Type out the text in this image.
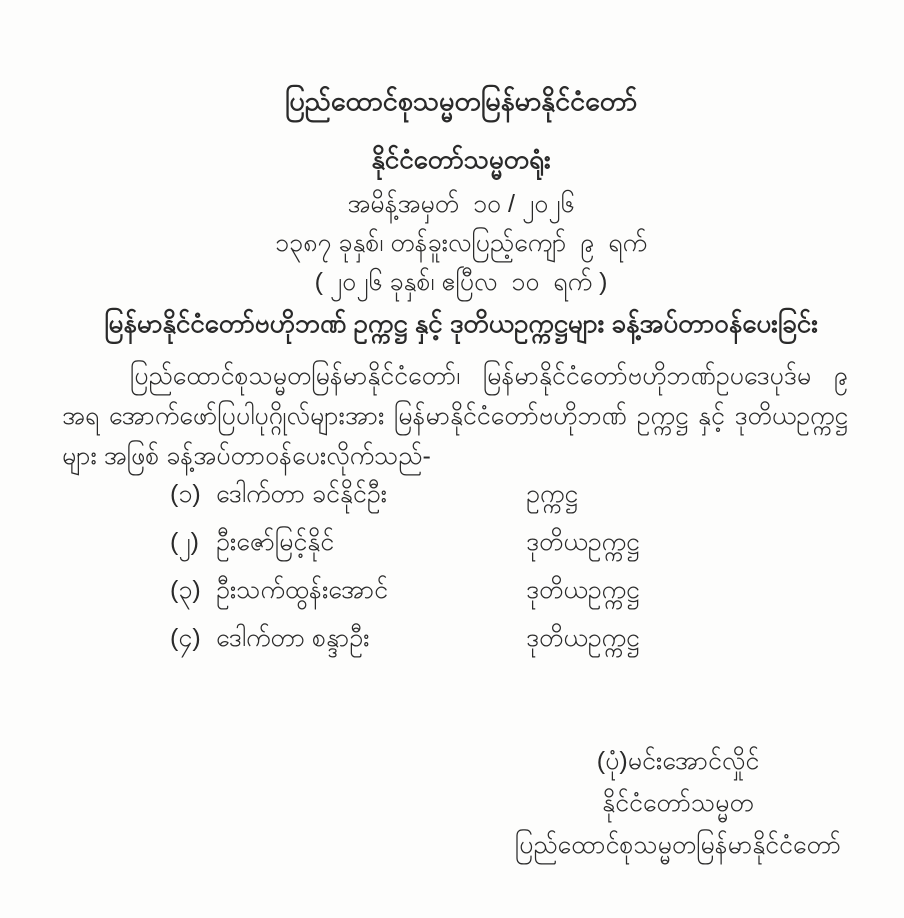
ပြည်ထောင်စုသမ္မတမြန်မာနိုင်ငံတော်
နိုင်ငံတော်သမ္မတရုံး
အမိန့်အမှတ်  ၁၀ / ၂၀၂၆
၁၃၈၇ ခုနှစ်၊ တန်ခူးလပြည့်ကျော်  ၉  ရက်
( ၂၀၂၆ ခုနှစ်၊ ဧပြီလ  ၁၀  ရက် )
မြန်မာနိုင်ငံတော်ဗဟိုဘဏ် ဥက္ကဋ္ဌ နှင့် ဒုတိယဥက္ကဋ္ဌများ ခန့်အပ်တာဝန်ပေးခြင်း
ပြည်ထောင်စုသမ္မတမြန်မာနိုင်ငံတော်၊ မြန်မာနိုင်ငံတော်ဗဟိုဘဏ်ဥပဒေပုဒ်မ ၉ အရ အောက်ဖော်ပြပါပုဂ္ဂိုလ်များအား မြန်မာနိုင်ငံတော်ဗဟိုဘဏ် ဥက္ကဋ္ဌ နှင့် ဒုတိယဥက္ကဋ္ဌများ အဖြစ် ခန့်အပ်တာဝန်ပေးလိုက်သည်-
(၁) ဒေါက်တာ ခင်နိုင်ဦး	ဥက္ကဋ္ဌ
(၂) ဦးဇော်မြင့်နိုင်	ဒုတိယဥက္ကဋ္ဌ
(၃) ဦးသက်ထွန်းအောင်	ဒုတိယဥက္ကဋ္ဌ
(၄) ဒေါက်တာ စန္ဒာဦး	ဒုတိယဥက္ကဋ္ဌ
(ပုံ)မင်းအောင်လှိုင်
နိုင်ငံတော်သမ္မတ
ပြည်ထောင်စုသမ္မတမြန်မာနိုင်ငံတော်
